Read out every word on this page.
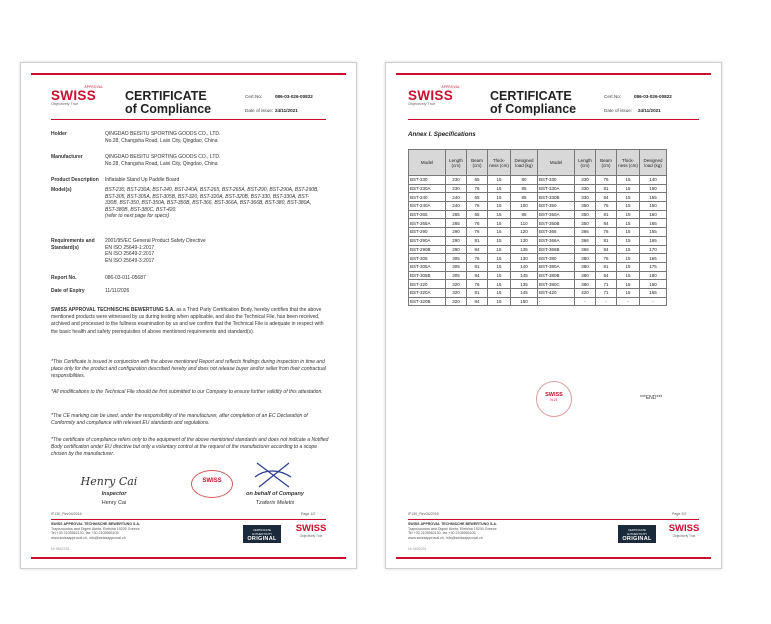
APPROVAL
SWISS
Objectively True
CERTIFICATE
of Compliance
Cert.No:	086-03-026-00822
Date of issue: 24/11/2021
Holder	QINGDAO BEISITU SPORTING GOODS CO., LTD.
No.28, Changsha Road, Laixi City, Qingdao, China
Manufacturer	QINGDAO BEISITU SPORTING GOODS CO., LTD.
No.28, Changsha Road, Laixi City, Qingdao, China
Product Description Inflatable Stand Up Paddle Board
Model(s)	BST-230, BST-230A, BST-240, BST-240A, BST-265, BST-265A, BST-290, BST-290A, BST-290B, BST-305, BST-305A, BST-305B, BST-320, BST-320A, BST-320B, BST-330, BST-330A, BST-330B, BST-350, BST-350A, BST-350B, BST-366, BST-366A, BST-366B, BST-380, BST-380A, BST-380B, BST-380C, BST-420.
(refer to next page for specs)
Requirements and Standard(s)
2001/95/EC General Product Safety Directive
EN ISO 25649-1:2017
EN ISO 25649-2:2017
EN ISO 25649-3:2017
Report No.	086-03-011-05687
Date of Expiry	11/11/2026
SWISS APPROVAL TECHNISCHE BEWERTUNG S.A. as a Third Party Certification Body, hereby certifies that the above mentioned products were witnessed by us during testing when applicable, and also the Technical File, has been received, archived and processed to the fullness examination by us and we confirm that the Technical File is adequate in respect with the basic health and safety prerequisites of above mentioned requirements and standard(s).
*This Certificate is issued in conjunction with the above mentioned Report and reflects findings during inspection in time and place only for the product and configuration described hereby and does not release buyer and/or seller from their contractual responsibilities.
*All modifications to the Technical File should be first submitted to our Company to ensure further validity of this attestation.
*The CE marking can be used, under the responsibility of the manufacturer, after completion of an EC Declaration of Conformity and compliance with relevant EU standards and regulations.
*The certificate of compliance refers only to the equipment of the above mentioned standards and does not indicate a Notified Body certification under EU directive but only a voluntary control at the request of the manufacturer according to a scope chosen by the manufacturer.
Henry Cai
Inspector
Henry Cai
SWISS
on behalf of Company
Tzaferis Meletis
IF130_Rev04/2016	Page 1/2
SWISS APPROVAL TECHNISCHE BEWERTUNG S.A.
Trapezountos and Digeni Akrita, Elefsina 19200 Greece
Tel +30 2105562130, fax +30 2105565105
www.swissapproval.ch, info@swissapproval.ch
CERTIFICATE AUTHENTICITY
ORIGINAL
SWISS
Objectively True
Nr 9692291
APPROVAL
SWISS
Objectively True
CERTIFICATE
of Compliance
Cert.No:	086-03-026-00822
Date of issue: 24/11/2021
Annex I. Specifications
Model	Length (cm)	Beam (cm)	Thick-ness (cm)	Designed load (kg)	Model	Length (cm)	Beam (cm)	Thick-ness (cm)	Designed load (kg)
BST-230	230	65	15	80	BST-330	330	76	15	140
BST-230A	230	76	15	95	BST-330A	330	81	15	150
BST-240	240	65	15	85	BST-330B	330	84	15	155
BST-240A	240	76	15	100	BST-350	350	76	15	150
BST-265	265	65	15	95	BST-350A	350	81	15	160
BST-265A	265	76	15	110	BST-350B	350	84	15	165
BST-290	290	76	15	120	BST-366	366	76	15	155
BST-290A	290	81	15	130	BST-366A	366	81	15	165
BST-290B	290	84	15	135	BST-366B	366	84	15	170
BST-305	305	76	15	130	BST-380	380	76	15	165
BST-305A	305	81	15	140	BST-380A	380	81	15	175
BST-305B	305	84	15	145	BST-380B	380	84	15	180
BST-320	320	76	15	135	BST-380C	380	71	15	150
BST-320A	320	81	15	145	BST-420	420	71	15	165
BST-320B	320	84	15	150	-	-	-	-	-
SWISS
N.21	***END***
IF130_Rev04/2016	Page 2/2
SWISS APPROVAL TECHNISCHE BEWERTUNG S.A.
Trapezountos and Digeni Akrita, Elefsina 19200 Greece
Tel +30 2105562130, fax +30 2105565105
www.swissapproval.ch, info@swissapproval.ch
CERTIFICATE AUTHENTICITY
ORIGINAL
SWISS
Objectively True
Nr 9692291
